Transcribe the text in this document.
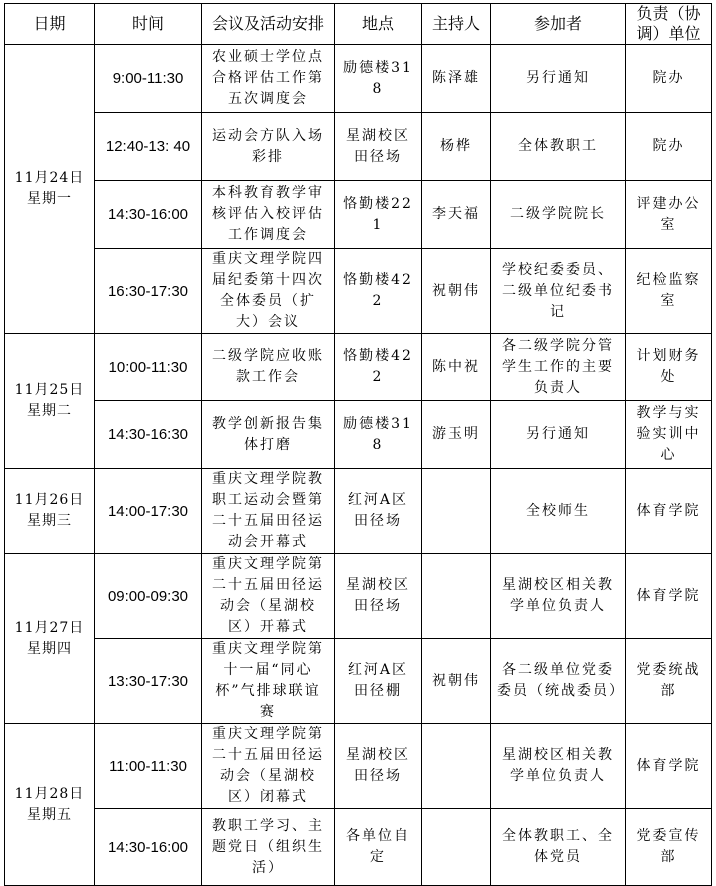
日期	时间	会议及活动安排	地点	主持人	参加者	负责（协调）单位

11月24日
星期一	9:00-11:30	农业硕士学位点合格评估工作第五次调度会	励德楼318	陈泽雄	另行通知	院办
	12:40-13: 40	运动会方队入场彩排	星湖校区田径场	杨桦	全体教职工	院办
	14:30-16:00	本科教育教学审核评估入校评估工作调度会	恪勤楼221	李天福	二级学院院长	评建办公室
	16:30-17:30	重庆文理学院四届纪委第十四次全体委员（扩大）会议	恪勤楼422	祝朝伟	学校纪委委员、二级单位纪委书记	纪检监察室

11月25日
星期二	10:00-11:30	二级学院应收账款工作会	恪勤楼422	陈中祝	各二级学院分管学生工作的主要负责人	计划财务处
	14:30-16:30	教学创新报告集体打磨	励德楼318	游玉明	另行通知	教学与实验实训中心

11月26日
星期三	14:00-17:30	重庆文理学院教职工运动会暨第二十五届田径运动会开幕式	红河A区田径场		全校师生	体育学院

11月27日
星期四	09:00-09:30	重庆文理学院第二十五届田径运动会（星湖校区）开幕式	星湖校区田径场		星湖校区相关教学单位负责人	体育学院
	13:30-17:30	重庆文理学院第十一届“同心杯”气排球联谊赛	红河A区田径棚	祝朝伟	各二级单位党委委员（统战委员）	党委统战部

11月28日
星期五	11:00-11:30	重庆文理学院第二十五届田径运动会（星湖校区）闭幕式	星湖校区田径场		星湖校区相关教学单位负责人	体育学院
	14:30-16:00	教职工学习、主题党日（组织生活）	各单位自定		全体教职工、全体党员	党委宣传部
